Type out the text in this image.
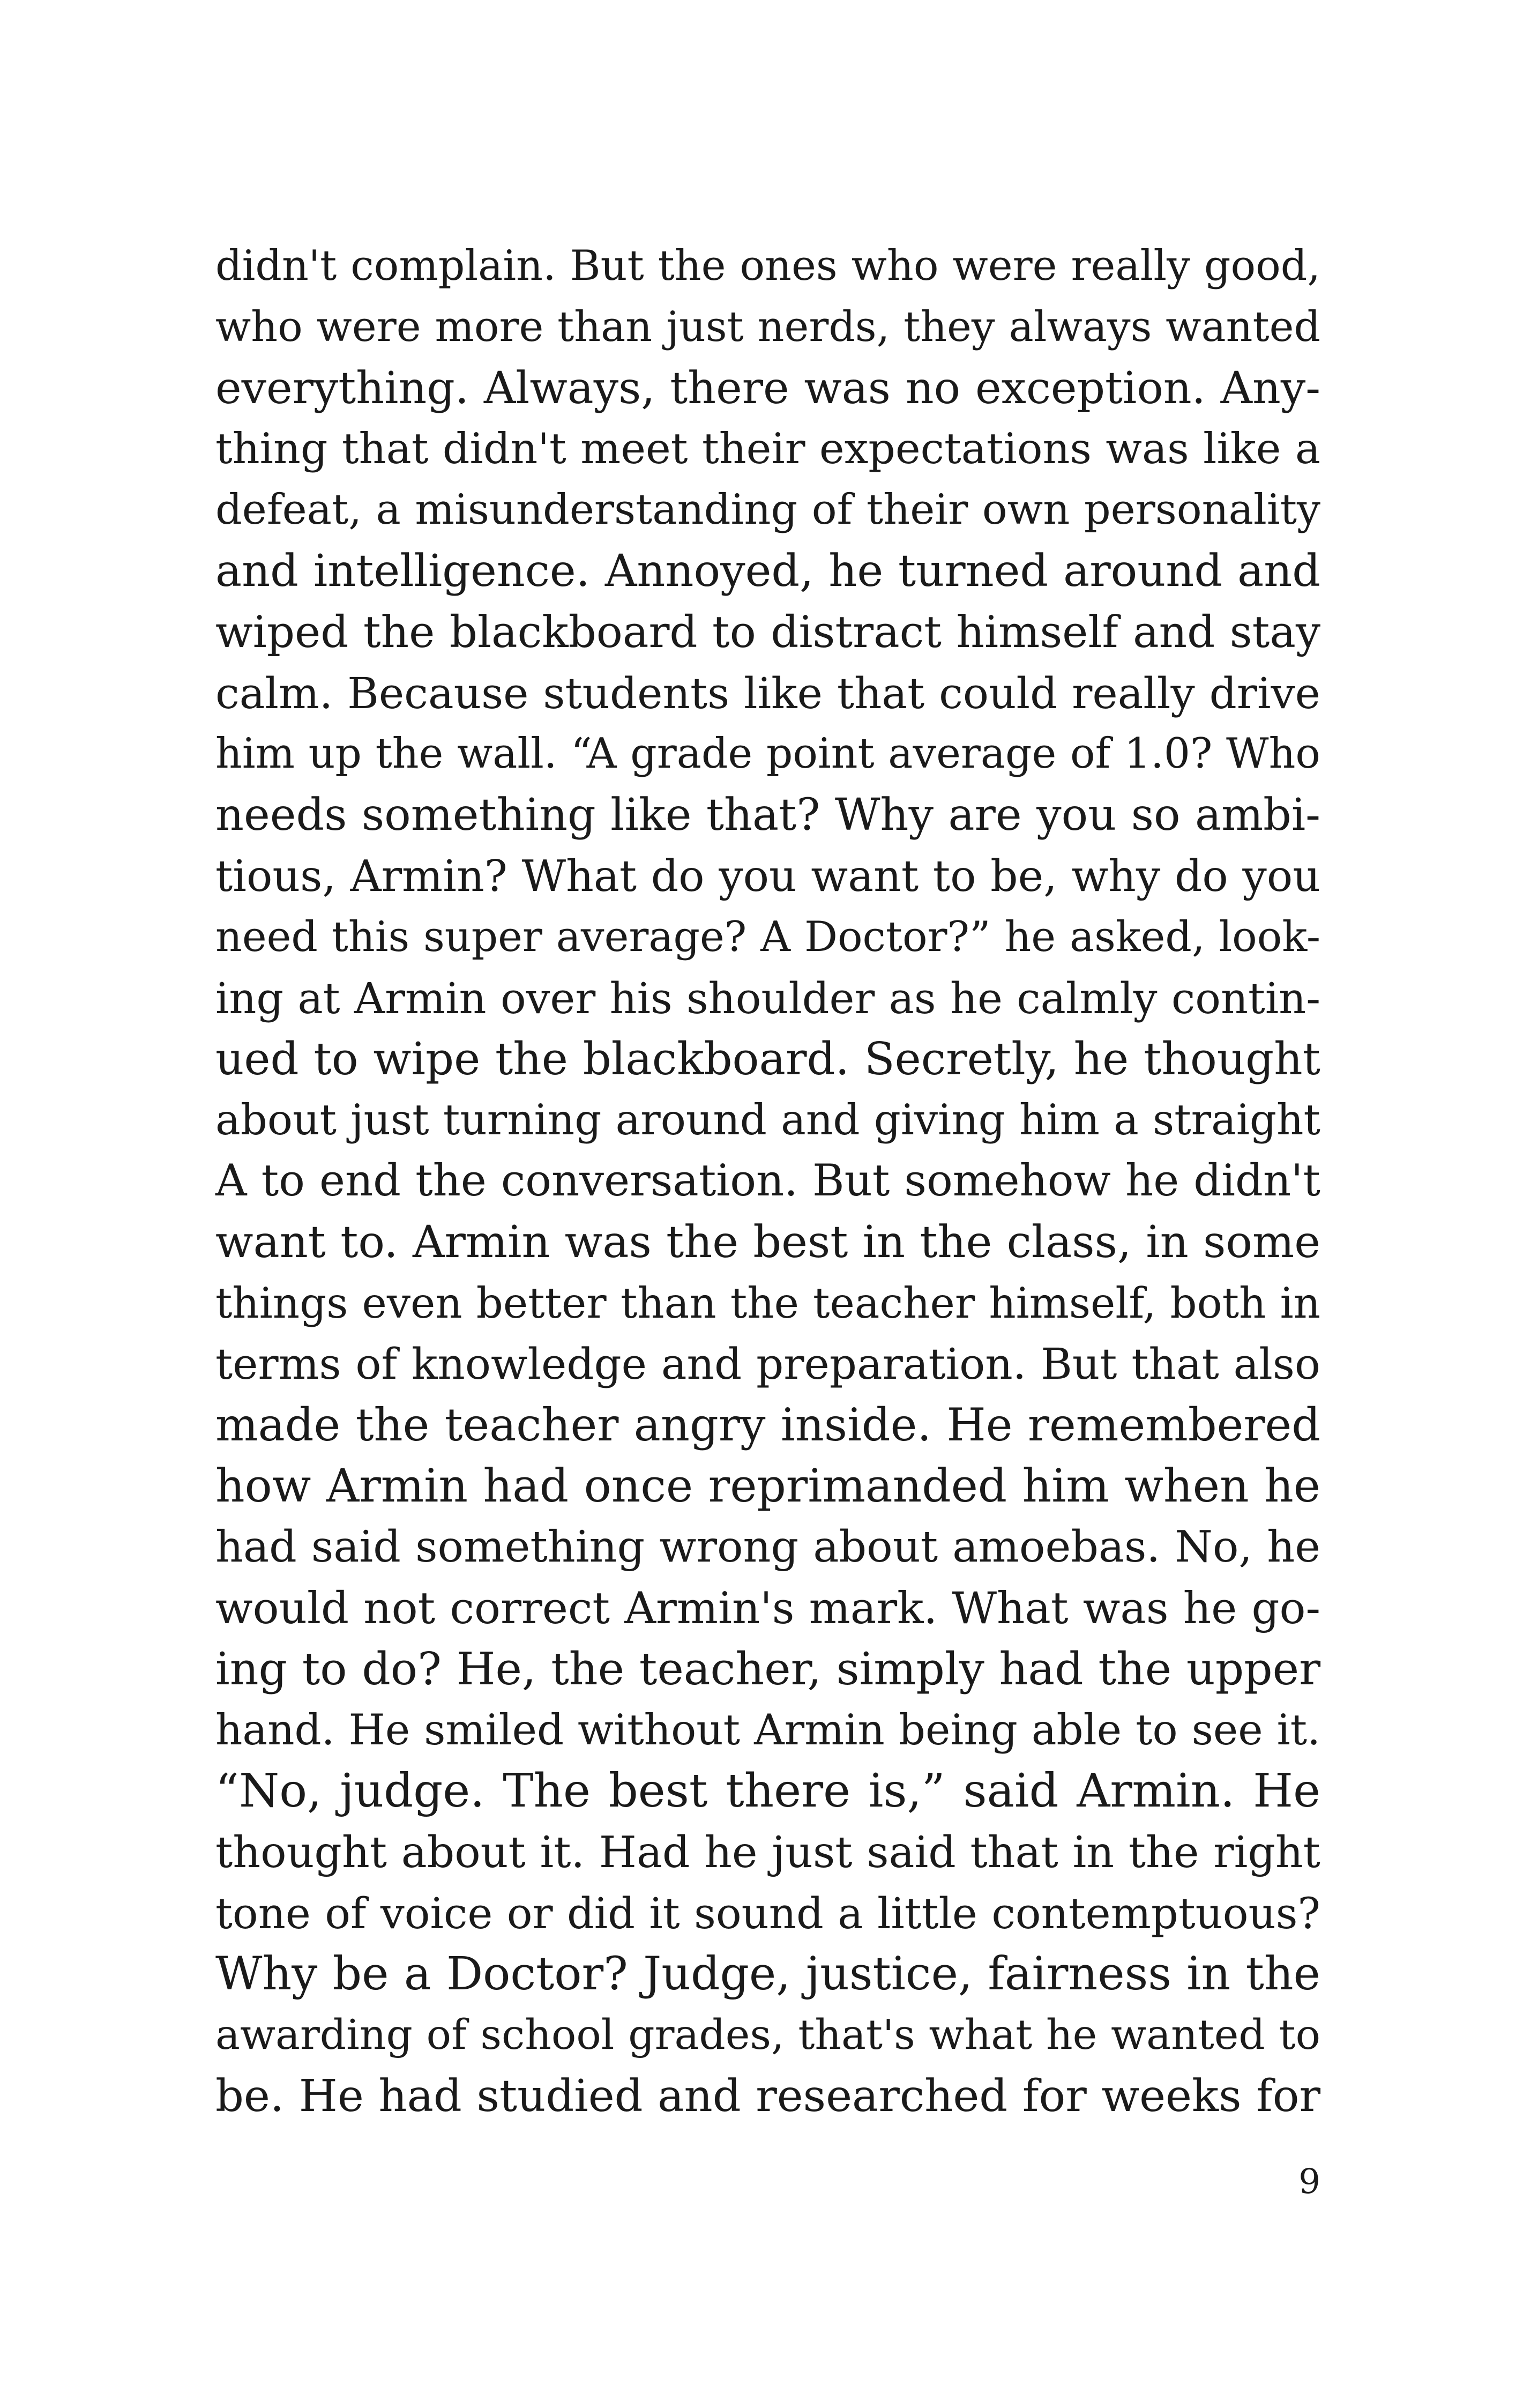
didn't complain. But the ones who were really good,
who were more than just nerds, they always wanted
everything. Always, there was no exception. Any-
thing that didn't meet their expectations was like a
defeat, a misunderstanding of their own personality
and intelligence. Annoyed, he turned around and
wiped the blackboard to distract himself and stay
calm. Because students like that could really drive
him up the wall. “A grade point average of 1.0? Who
needs something like that? Why are you so ambi-
tious, Armin? What do you want to be, why do you
need this super average? A Doctor?” he asked, look-
ing at Armin over his shoulder as he calmly contin-
ued to wipe the blackboard. Secretly, he thought
about just turning around and giving him a straight
A to end the conversation. But somehow he didn't
want to. Armin was the best in the class, in some
things even better than the teacher himself, both in
terms of knowledge and preparation. But that also
made the teacher angry inside. He remembered
how Armin had once reprimanded him when he
had said something wrong about amoebas. No, he
would not correct Armin's mark. What was he go-
ing to do? He, the teacher, simply had the upper
hand. He smiled without Armin being able to see it.
“No, judge. The best there is,” said Armin. He
thought about it. Had he just said that in the right
tone of voice or did it sound a little contemptuous?
Why be a Doctor? Judge, justice, fairness in the
awarding of school grades, that's what he wanted to
be. He had studied and researched for weeks for
9
